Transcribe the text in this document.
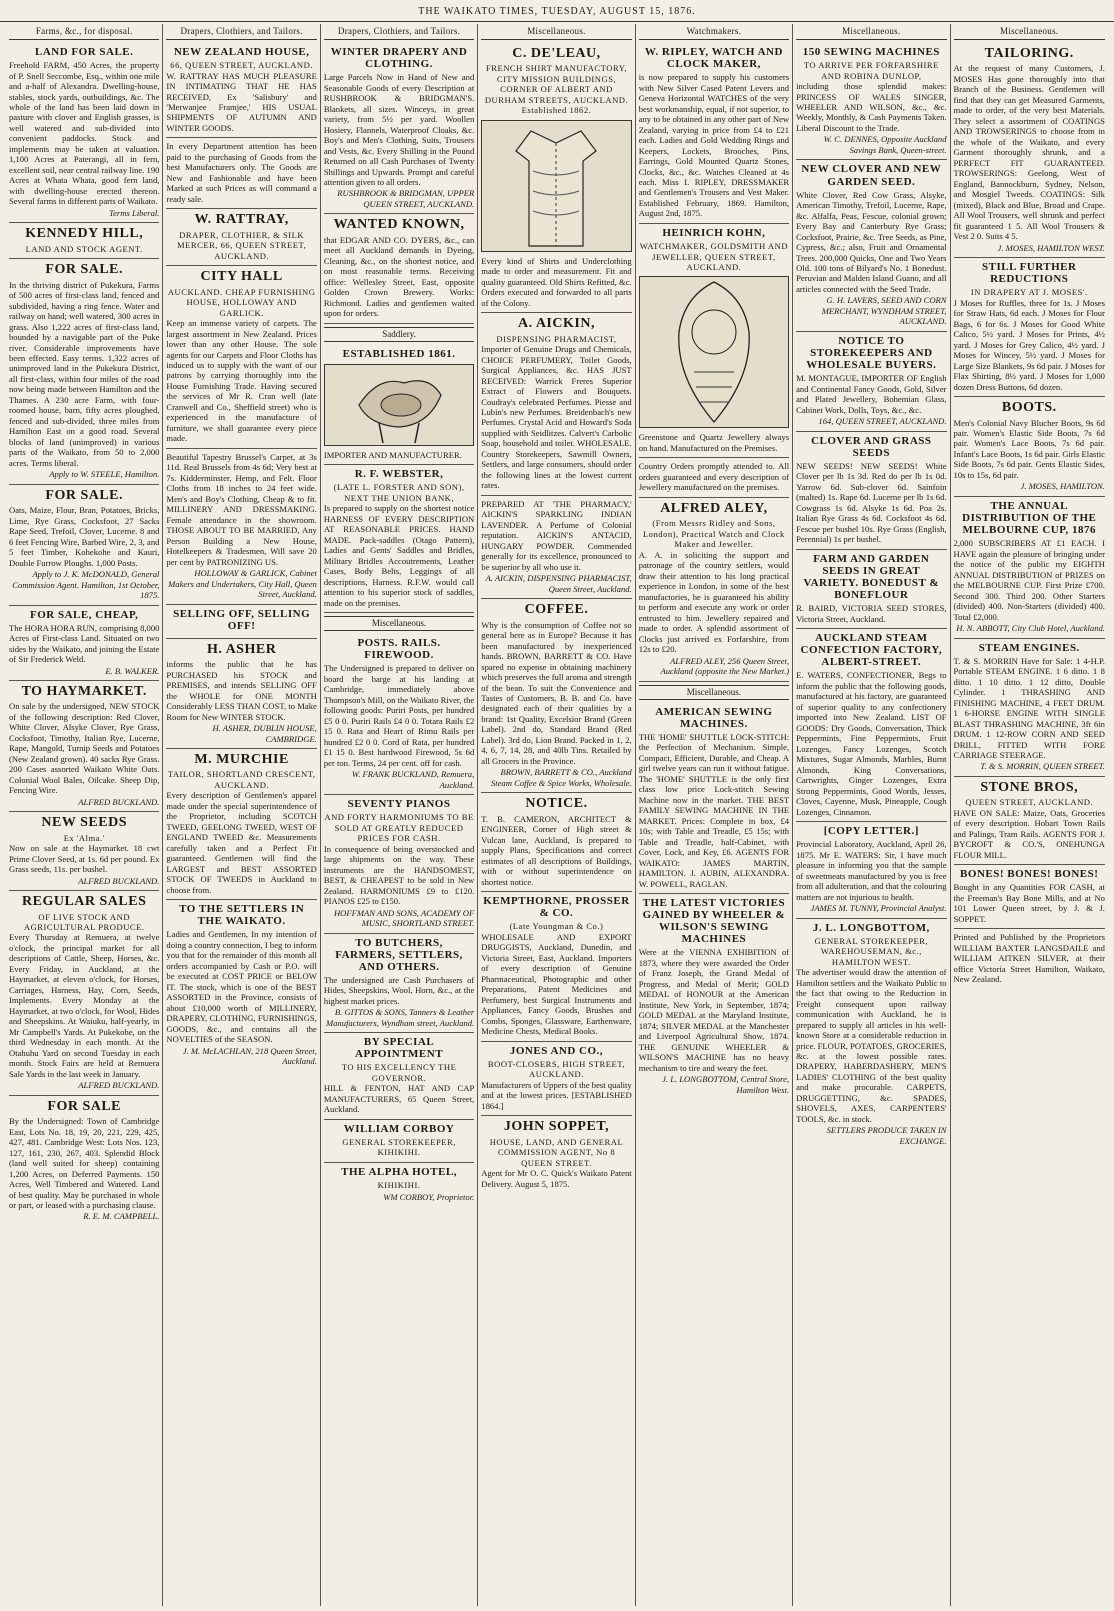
THE WAIKATO TIMES, TUESDAY, AUGUST 15, 1876.
Farms, &c., for disposal.
LAND FOR SALE.
Freehold FARM, 450 Acres, the property of P. Snell Seccombe, Esq., within one mile and a-half of Alexandra. Dwelling-house, stables, stock yards, outbuildings, &c. The whole of the land has been laid down in pasture with clover and English grasses, is well watered and sub-divided into convenient paddocks. Stock and implements may be taken at valuation. 1,100 Acres at Paterangi, all in fern, excellent soil, near central railway line. 190 Acres at Whata Whata, good fern land, with dwelling-house erected thereon. Several farms in different parts of Waikato.
Terms Liberal.
KENNEDY HILL,
LAND AND STOCK AGENT.
FOR SALE.
In the thriving district of Pukekura, Farms of 500 acres of first-class land, fenced and subdivided, having a ring fence. Water and railway on hand; well watered, 300 acres in grass. Also 1,222 acres of first-class land, bounded by a navigable part of the Puke river. Considerable improvements have been effected. Easy terms. 1,322 acres of unimproved land in the Pukekura District, all first-class, within four miles of the road now being made between Hamilton and the Thames. A 230 acre Farm, with four-roomed house, barn, fifty acres ploughed, fenced and sub-divided, three miles from Hamilton East on a good road. Several blocks of land (unimproved) in various parts of the Waikato, from 50 to 2,000 acres. Terms liberal.
Apply to W. STEELE, Hamilton.
FOR SALE.
Oats, Maize, Flour, Bran, Potatoes, Bricks, Lime, Rye Grass, Cocksfoot, 27 Sacks Rape Seed, Trefoil, Clover, Lucerne. 8 and 6 feet Fencing Wire, Barbed Wire, 2, 3, and 5 feet Timber, Kohekohe and Kauri, Double Furrow Ploughs. 1,000 Posts.
Apply to J. K. McDONALD, General Commission Agent. Hamilton, 1st October, 1875.
FOR SALE, CHEAP,
The HORA HORA RUN, comprising 8,000 Acres of First-class Land. Situated on two sides by the Waikato, and joining the Estate of Sir Frederick Weld.
E. B. WALKER.
TO HAYMARKET.
On sale by the undersigned, NEW STOCK of the following description: Red Clover, White Clover, Alsyke Clover, Rye Grass, Cocksfoot, Timothy, Italian Rye, Lucerne, Rape, Mangold, Turnip Seeds and Potatoes (New Zealand grown). 40 sacks Rye Grass. 200 Cases assorted Waikato White Oats. Colonial Wool Bales, Oilcake. Sheep Dip, Fencing Wire.
ALFRED BUCKLAND.
NEW SEEDS
Ex 'Alma.'
Now on sale at the Haymarket. 18 cwt Prime Clover Seed, at 1s. 6d per pound. Ex Grass seeds, 11s. per bushel.
ALFRED BUCKLAND.
REGULAR SALES
OF LIVE STOCK AND AGRICULTURAL PRODUCE.
Every Thursday at Remuera, at twelve o'clock, the principal market for all descriptions of Cattle, Sheep, Horses, &c. Every Friday, in Auckland, at the Haymarket, at eleven o'clock, for Horses, Carriages, Harness, Hay, Corn, Seeds, Implements. Every Monday at the Haymarket, at two o'clock, for Wool, Hides and Sheepskins. At Waiuku, half-yearly, in Mr Campbell's Yards. At Pukekohe, on the third Wednesday in each month. At the Otahuhu Yard on second Tuesday in each month. Stock Fairs are held at Remuera Sale Yards in the last week in January.
ALFRED BUCKLAND.
FOR SALE
By the Undersigned: Town of Cambridge East, Lots No. 18, 19, 20, 221, 229, 425, 427, 481. Cambridge West: Lots Nos. 123, 127, 161, 230, 267, 403. Splendid Block (land well suited for sheep) containing 1,200 Acres, on Deferred Payments. 150 Acres, Well Timbered and Watered. Land of best quality. May be purchased in whole or part, or leased with a purchasing clause.
R. E. M. CAMPBELL.
Drapers, Clothiers, and Tailors.
NEW ZEALAND HOUSE,
66, QUEEN STREET, AUCKLAND.
W. RATTRAY HAS MUCH PLEASURE IN INTIMATING THAT HE HAS RECEIVED, Ex 'Salisbury' and 'Merwanjee Framjee,' HIS USUAL SHIPMENTS OF AUTUMN AND WINTER GOODS.
In every Department attention has been paid to the purchasing of Goods from the best Manufacturers only. The Goods are New and Fashionable and have been Marked at such Prices as will command a ready sale.
W. RATTRAY,
DRAPER, CLOTHIER, & SILK MERCER, 66, QUEEN STREET, AUCKLAND.
CITY HALL
AUCKLAND. CHEAP FURNISHING HOUSE, HOLLOWAY AND GARLICK.
Keep an immense variety of carpets. The largest assortment in New Zealand. Prices lower than any other House. The sole agents for our Carpets and Floor Cloths has induced us to supply with the want of our patrons by carrying thoroughly into the House Furnishing Trade. Having secured the services of Mr R. Cran well (late Cranwell and Co., Sheffield street) who is experienced in the manufacture of furniture, we shall guarantee every piece made.
Beautiful Tapestry Brussel's Carpet, at 3s 11d. Real Brussels from 4s 6d; Very best at 7s. Kidderminster, Hemp, and Felt. Floor Cloths from 18 inches to 24 feet wide. Men's and Boy's Clothing, Cheap & to fit. MILLINERY AND DRESSMAKING. Female attendance in the showroom. THOSE ABOUT TO BE MARRIED, Any Person Building a New House, Hotelkeepers & Tradesmen, Will save 20 per cent by PATRONIZING US.
HOLLOWAY & GARLICK, Cabinet Makers and Undertakers, City Hall, Queen Street, Auckland.
SELLING OFF, SELLING OFF!
H. ASHER
informs the public that he has PURCHASED his STOCK and PREMISES, and intends SELLING OFF the WHOLE for ONE MONTH Considerably LESS THAN COST, to Make Room for New WINTER STOCK.
H. ASHER, DUBLIN HOUSE, CAMBRIDGE.
M. MURCHIE
TAILOR, SHORTLAND CRESCENT, AUCKLAND.
Every description of Gentlemen's apparel made under the special superintendence of the Proprietor, including SCOTCH TWEED, GEELONG TWEED, WEST OF ENGLAND TWEED &c. Measurements carefully taken and a Perfect Fit guaranteed. Gentlemen will find the LARGEST and BEST ASSORTED STOCK OF TWEEDS in Auckland to choose from.
TO THE SETTLERS IN THE WAIKATO.
Ladies and Gentlemen, In my intention of doing a country connection, I beg to inform you that for the remainder of this month all orders accompanied by Cash or P.O. will be executed at COST PRICE or BELOW IT. The stock, which is one of the BEST ASSORTED in the Province, consists of about £10,000 worth of MILLINERY, DRAPERY, CLOTHING, FURNISHINGS, GOODS, &c., and contains all the NOVELTIES of the SEASON.
J. M. McLACHLAN, 218 Queen Street, Auckland.
Drapers, Clothiers, and Tailors.
WINTER DRAPERY AND CLOTHING.
Large Parcels Now in Hand of New and Seasonable Goods of every Description at RUSHBROOK & BRIDGMAN'S. Blankets, all sizes. Winceys, in great variety, from 5½ per yard. Woollen Hosiery, Flannels, Waterproof Cloaks, &c. Boy's and Men's Clothing, Suits, Trousers and Vests, &c. Every Shilling in the Pound Returned on all Cash Purchases of Twenty Shillings and Upwards. Prompt and careful attention given to all orders.
RUSHBROOK & BRIDGMAN, UPPER QUEEN STREET, AUCKLAND.
WANTED KNOWN,
that EDGAR AND CO. DYERS, &c., can meet all Auckland demands in Dyeing, Cleaning, &c., on the shortest notice, and on most reasonable terms. Receiving office: Wellesley Street, East, opposite Golden Crown Brewery. Works: Richmond. Ladies and gentlemen waited upon for orders.
Saddlery.
ESTABLISHED 1861.
IMPORTER AND MANUFACTURER.
R. F. WEBSTER,
(LATE L. FORSTER AND SON), NEXT THE UNION BANK,
Is prepared to supply on the shortest notice HARNESS OF EVERY DESCRIPTION AT REASONABLE PRICES. HAND MADE. Pack-saddles (Otago Pattern), Ladies and Gents' Saddles and Bridles, Military Bridles Accoutrements, Leather Cases, Body Belts, Leggings of all descriptions, Harness. R.F.W. would call attention to his superior stock of saddles, made on the premises.
Miscellaneous.
POSTS. RAILS. FIREWOOD.
The Undersigned is prepared to deliver on board the barge at his landing at Cambridge, immediately above Thompson's Mill, on the Waikato River, the following goods: Puriri Posts, per hundred £5 0 0. Puriri Rails £4 0 0. Totara Rails £2 15 0. Rata and Heart of Rimu Rails per hundred £2 0 0. Cord of Rata, per hundred £1 15 0. Best hardwood Firewood, 5s 6d per ton. Terms, 24 per cent. off for cash.
W. FRANK BUCKLAND, Remuera, Auckland.
SEVENTY PIANOS
AND FORTY HARMONIUMS TO BE SOLD AT GREATLY REDUCED PRICES FOR CASH.
In consequence of being overstocked and large shipments on the way. These instruments are the HANDSOMEST, BEST, & CHEAPEST to be sold in New Zealand. HARMONIUMS £9 to £120. PIANOS £25 to £150.
HOFFMAN AND SONS, ACADEMY OF MUSIC, SHORTLAND STREET.
TO BUTCHERS, FARMERS, SETTLERS, AND OTHERS.
The undersigned are Cash Purchasers of Hides, Sheepskins, Wool, Horn, &c., at the highest market prices.
B. GITTOS & SONS, Tanners & Leather Manufacturers, Wyndham street, Auckland.
BY SPECIAL APPOINTMENT
TO HIS EXCELLENCY THE GOVERNOR.
HILL & FENTON, HAT AND CAP MANUFACTURERS, 65 Queen Street, Auckland.
WILLIAM CORBOY
GENERAL STOREKEEPER, KIHIKIHI.
THE ALPHA HOTEL,
KIHIKIHI.
WM CORBOY, Proprietor.
Miscellaneous.
C. DE'LEAU,
FRENCH SHIRT MANUFACTORY, CITY MISSION BUILDINGS, CORNER OF ALBERT AND DURHAM STREETS, AUCKLAND. Established 1862.
Every kind of Shirts and Underclothing made to order and measurement. Fit and quality guaranteed. Old Shirts Refitted, &c. Orders executed and forwarded to all parts of the Colony.
A. AICKIN,
DISPENSING PHARMACIST,
Importer of Genuine Drugs and Chemicals, CHOICE PERFUMERY, Toilet Goods, Surgical Appliances, &c. HAS JUST RECEIVED: Warrick Freres Superior Extract of Flowers and Bouquets. Coudray's celebrated Perfumes. Piesse and Lubin's new Perfumes. Breidenbach's new Perfumes. Crystal Acid and Howard's Soda supplied with Seidlitzes. Calvert's Carbolic Soap, household and toilet. WHOLESALE. Country Storekeepers, Sawmill Owners, Settlers, and large consumers, should order the following lines at the lowest current rates.
PREPARED AT 'THE PHARMACY,' AICKIN'S SPARKLING INDIAN LAVENDER. A Perfume of Colonial reputation. AICKIN'S ANTACID, HUNGARY POWDER. Commended generally for its excellence, pronounced to be superior by all who use it.
A. AICKIN, DISPENSING PHARMACIST, Queen Street, Auckland.
COFFEE.
Why is the consumption of Coffee not so general here as in Europe? Because it has been manufactured by inexperienced hands. BROWN, BARRETT & CO. Have spared no expense in obtaining machinery which preserves the full aroma and strength of the bean. To suit the Convenience and Tastes of Customers, B. B. and Co. have designated each of their qualities by a brand: 1st Quality, Excelsior Brand (Green Label). 2nd do, Standard Brand (Red Label). 3rd do, Lion Brand. Packed in 1, 2, 4, 6, 7, 14, 28, and 40lb Tins. Retailed by all Grocers in the Province.
BROWN, BARRETT & CO., Auckland Steam Coffee & Spice Works, Wholesale.
NOTICE.
T. B. CAMERON, ARCHITECT & ENGINEER, Corner of High street & Vulcan lane, Auckland, Is prepared to supply Plans, Specifications and correct estimates of all descriptions of Buildings, with or without superintendence on shortest notice.
KEMPTHORNE, PROSSER & CO.
(Late Youngman & Co.)
WHOLESALE AND EXPORT DRUGGISTS, Auckland, Dunedin, and Victoria Street, East, Auckland. Importers of every description of Genuine Pharmaceutical, Photographic and other Preparations, Patent Medicines and Perfumery, best Surgical Instruments and Appliances, Fancy Goods, Brushes and Combs, Sponges, Glassware, Earthenware, Medicine Chests, Medical Books.
JONES AND CO.,
BOOT-CLOSERS, HIGH STREET, AUCKLAND.
Manufacturers of Uppers of the best quality and at the lowest prices. [ESTABLISHED 1864.]
JOHN SOPPET,
HOUSE, LAND, AND GENERAL COMMISSION AGENT, No 8 QUEEN STREET.
Agent for Mr O. C. Quick's Waikato Patent Delivery. August 5, 1875.
Watchmakers.
W. RIPLEY, WATCH AND CLOCK MAKER,
is now prepared to supply his customers with New Silver Cased Patent Levers and Geneva Horizontal WATCHES of the very best workmanship, equal, if not superior, to any to be obtained in any other part of New Zealand, varying in price from £4 to £21 each. Ladies and Gold Wedding Rings and Keepers, Lockets, Brooches, Pins, Earrings, Gold Mounted Quartz Stones, Clocks, &c., &c. Watches Cleaned at 4s each. Miss I. RIPLEY, DRESSMAKER and Gentlemen's Trousers and Vest Maker. Established February, 1869. Hamilton, August 2nd, 1875.
HEINRICH KOHN,
WATCHMAKER, GOLDSMITH AND JEWELLER, QUEEN STREET, AUCKLAND.
Greenstone and Quartz Jewellery always on hand. Manufactured on the Premises.
Country Orders promptly attended to. All orders guaranteed and every description of Jewellery manufactured on the premises.
ALFRED ALEY,
(From Messrs Ridley and Sons, London), Practical Watch and Clock Maker and Jeweller.
A. A. in soliciting the support and patronage of the country settlers, would draw their attention to his long practical experience in London, in some of the best manufactories, he is guaranteed his ability to perform and execute any work or order entrusted to him. Jewellery repaired and made to order. A splendid assortment of Clocks just arrived ex Forfarshire, from 12s to £20.
ALFRED ALEY, 256 Queen Street, Auckland (opposite the New Market.)
Miscellaneous.
AMERICAN SEWING MACHINES.
THE 'HOME' SHUTTLE LOCK-STITCH: the Perfection of Mechanism. Simple, Compact, Efficient, Durable, and Cheap. A girl twelve years can run it without fatigue. The 'HOME' SHUTTLE is the only first class low price Lock-stitch Sewing Machine now in the market. THE BEST FAMILY SEWING MACHINE IN THE MARKET. Prices: Complete in box, £4 10s; with Table and Treadle, £5 15s; with Table and Treadle, half-Cabinet, with Cover, Lock, and Key, £6. AGENTS FOR WAIKATO: JAMES MARTIN, HAMILTON. J. AUBIN, ALEXANDRA. W. POWELL, RAGLAN.
THE LATEST VICTORIES GAINED BY WHEELER & WILSON'S SEWING MACHINES
Were at the VIENNA EXHIBITION of 1873, where they were awarded the Order of Franz Joseph, the Grand Medal of Progress, and Medal of Merit; GOLD MEDAL of HONOUR at the American Institute, New York, in September, 1874; GOLD MEDAL at the Maryland Institute, 1874; SILVER MEDAL at the Manchester and Liverpool Agricultural Show, 1874. THE GENUINE WHEELER & WILSON'S MACHINE has no heavy mechanism to tire and weary the feet.
J. L. LONGBOTTOM, Central Store, Hamilton West.
Miscellaneous.
150 SEWING MACHINES
TO ARRIVE PER FORFARSHIRE AND ROBINA DUNLOP,
including those splendid makes: PRINCESS OF WALES SINGER, WHEELER AND WILSON, &c., &c. Weekly, Monthly, & Cash Payments Taken. Liberal Discount to the Trade.
W. C. DENNES, Opposite Auckland Savings Bank, Queen-street.
NEW CLOVER AND NEW GARDEN SEED.
White Clover, Red Cow Grass, Alsyke, American Timothy, Trefoil, Lucerne, Rape, &c. Alfalfa, Peas, Fescue, colonial grown; Every Bay and Canterbury Rye Grass; Cocksfoot, Prairie, &c. Tree Seeds, as Pine, Cypress, &c.; also, Fruit and Ornamental Trees. 200,000 Quicks, One and Two Years Old. 100 tons of Bilyard's No. 1 Bonedust. Peruvian and Malden Island Guano, and all articles connected with the Seed Trade.
G. H. LAVERS, SEED AND CORN MERCHANT, WYNDHAM STREET, AUCKLAND.
NOTICE TO STOREKEEPERS AND WHOLESALE BUYERS.
M. MONTAGUE, IMPORTER OF English and Continental Fancy Goods, Gold, Silver and Plated Jewellery, Bohemian Glass, Cabinet Work, Dolls, Toys, &c., &c.
164, QUEEN STREET, AUCKLAND.
CLOVER AND GRASS SEEDS
NEW SEEDS! NEW SEEDS! White Clover per lb 1s 3d. Red do per lb 1s 0d. Yarrow 6d. Sub-clover 6d. Sainfoin (malted) 1s. Rape 6d. Lucerne per lb 1s 6d. Cowgrass 1s 6d. Alsyke 1s 6d. Poa 2s. Italian Rye Grass 4s 6d. Cocksfoot 4s 6d. Fescue per bushel 10s. Rye Grass (English, Perennial) 1s per bushel.
FARM AND GARDEN SEEDS IN GREAT VARIETY. BONEDUST & BONEFLOUR
R. BAIRD, VICTORIA SEED STORES, Victoria Street, Auckland.
AUCKLAND STEAM CONFECTION FACTORY, ALBERT-STREET.
E. WATERS, CONFECTIONER, Begs to inform the public that the following goods, manufactured at his factory, are guaranteed of superior quality to any confectionery imported into New Zealand. LIST OF GOODS: Dry Goods, Conversation, Thick Peppermints, Fine Peppermints, Fruit Lozenges, Fancy Lozenges, Scotch Mixtures, Sugar Almonds, Marbles, Burnt Almonds, King Conversations, Cartwrights, Ginger Lozenges, Extra Strong Peppermints, Good Words, Jesses, Cloves, Cayenne, Musk, Pineapple, Cough Lozenges, Cinnamon.
[COPY LETTER.]
Provincial Laboratory, Auckland, April 26, 1875. Mr E. WATERS: Sir, I have much pleasure in informing you that the sample of sweetmeats manufactured by you is free from all adulteration, and that the colouring matters are not injurious to health.
JAMES M. TUNNY, Provincial Analyst.
J. L. LONGBOTTOM,
GENERAL STOREKEEPER, WAREHOUSEMAN, &c., HAMILTON WEST.
The advertiser would draw the attention of Hamilton settlers and the Waikato Public to the fact that owing to the Reduction in Freight consequent upon railway communication with Auckland, he is prepared to supply all articles in his well-known Store at a considerable reduction in price. FLOUR, POTATOES, GROCERIES, &c. at the lowest possible rates. DRAPERY, HABERDASHERY, MEN'S LADIES' CLOTHING of the best quality and make procurable. CARPETS, DRUGGETTING, &c. SPADES, SHOVELS, AXES, CARPENTERS' TOOLS, &c. in stock.
SETTLERS PRODUCE TAKEN IN EXCHANGE.
Miscellaneous.
TAILORING.
At the request of many Customers, J. MOSES Has gone thoroughly into that Branch of the Business. Gentlemen will find that they can get Measured Garments, made to order, of the very best Materials. They select a assortment of COATINGS AND TROWSERINGS to choose from in the whole of the Waikato, and every Garment thoroughly shrunk, and a PERFECT FIT GUARANTEED. TROWSERINGS: Geelong, West of England, Bannockburn, Sydney, Nelson, and Mosgiel Tweeds. COATINGS: Silk (mixed), Black and Blue, Broad and Crape. All Wool Trousers, well shrunk and perfect fit guaranteed 1 5. All Wool Trousers & Vest 2 0. Suits 4 5.
J. MOSES, HAMILTON WEST.
STILL FURTHER REDUCTIONS
IN DRAPERY AT J. MOSES'.
J Moses for Ruffles, three for 1s. J Moses for Straw Hats, 6d each. J Moses for Flour Bags, 6 for 6s. J Moses for Good White Calico, 5½ yard. J Moses for Prints, 4½ yard. J Moses for Grey Calico, 4½ yard. J Moses for Wincey, 5½ yard. J Moses for Large Size Blankets, 9s 6d pair. J Moses for Flax Shirting, 8½ yard. J Moses for 1,000 dozen Dress Buttons, 6d dozen.
BOOTS.
Men's Colonial Navy Blucher Boots, 9s 6d pair. Women's Elastic Side Boots, 7s 6d pair. Women's Lace Boots, 7s 6d pair. Infant's Lace Boots, 1s 6d pair. Girls Elastic Side Boots, 7s 6d pair. Gents Elastic Sides, 10s to 15s, 6d pair.
J. MOSES, HAMILTON.
THE ANNUAL DISTRIBUTION OF THE MELBOURNE CUP, 1876
2,000 SUBSCRIBERS AT £1 EACH. I HAVE again the pleasure of bringing under the notice of the public my EIGHTH ANNUAL DISTRIBUTION of PRIZES on the MELBOURNE CUP. First Prize £700. Second 300. Third 200. Other Starters (divided) 400. Non-Starters (divided) 400. Total £2,000.
H. N. ABBOTT, City Club Hotel, Auckland.
STEAM ENGINES.
T. & S. MORRIN Have for Sale: 1 4-H.P. Portable STEAM ENGINE. 1 6 ditto. 1 8 ditto. 1 10 ditto. 1 12 ditto, Double Cylinder. 1 THRASHING AND FINISHING MACHINE, 4 FEET DRUM. 1 6-HORSE ENGINE WITH SINGLE BLAST THRASHING MACHINE, 3ft 6in DRUM. 1 12-ROW CORN AND SEED DRILL, FITTED WITH FORE CARRIAGE STEERAGE.
T. & S. MORRIN, QUEEN STREET.
STONE BROS,
QUEEN STREET, AUCKLAND.
HAVE ON SALE: Maize, Oats, Groceries of every description. Hobart Town Rails and Palings, Tram Rails. AGENTS FOR J. BYCROFT & CO.'S, ONEHUNGA FLOUR MILL.
BONES! BONES! BONES!
Bought in any Quantities FOR CASH, at the Freeman's Bay Bone Mills, and at No 101 Lower Queen street, by J. & J. SOPPET.
Printed and Published by the Proprietors WILLIAM BAXTER LANGSDAILE and WILLIAM AITKEN SILVER, at their office Victoria Street Hamilton, Waikato, New Zealand.
